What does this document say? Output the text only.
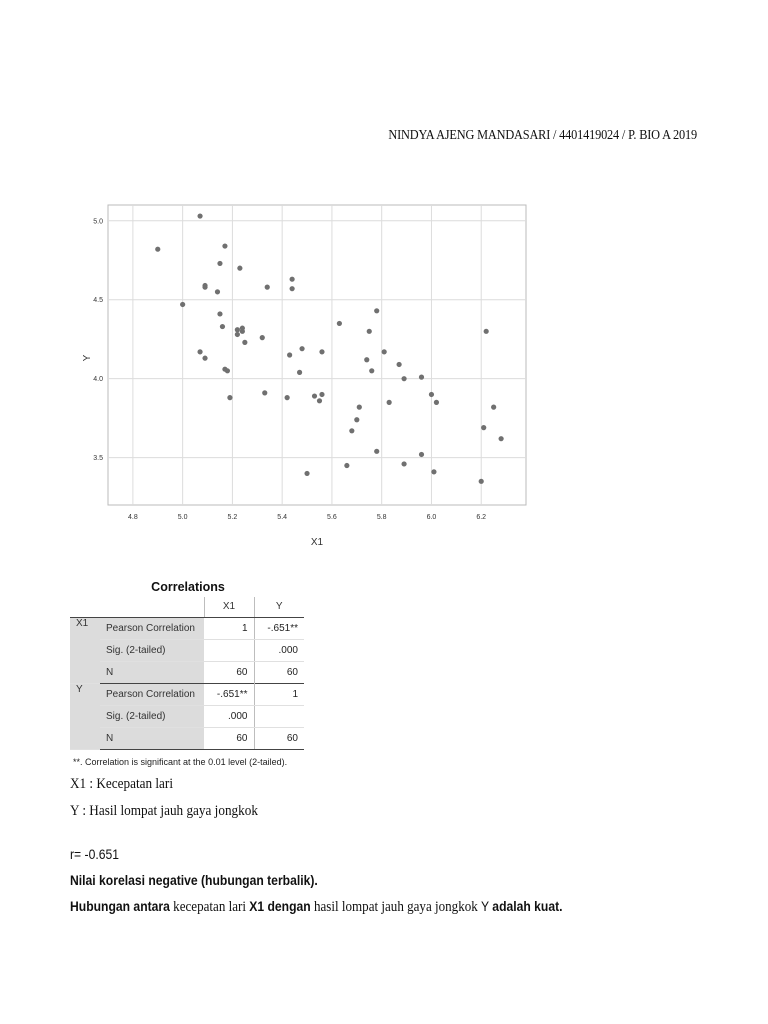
NINDYA AJENG MANDASARI / 4401419024 / P. BIO A 2019
4.8	5.0	5.2	5.4	5.6	5.8	6.0	6.2
5.0
4.5
4.0
3.5
X1
Y
Correlations
		X1	Y
X1	Pearson Correlation	1	-.651**
	Sig. (2-tailed)		.000
	N	60	60
Y	Pearson Correlation	-.651**	1
	Sig. (2-tailed)	.000	
	N	60	60
**. Correlation is significant at the 0.01 level (2-tailed).
X1 : Kecepatan lari
Y : Hasil lompat jauh gaya jongkok
r= -0.651
Nilai korelasi negative (hubungan terbalik).
Hubungan antara kecepatan lari X1 dengan hasil lompat jauh gaya jongkok Y adalah kuat.
